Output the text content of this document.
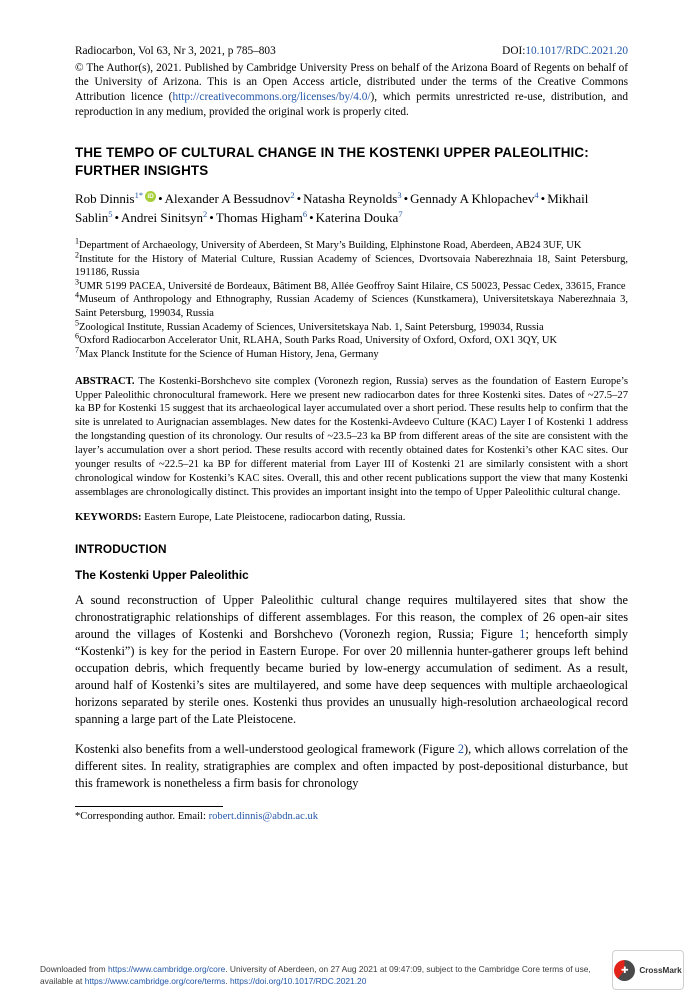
Radiocarbon, Vol 63, Nr 3, 2021, p 785–803	DOI:10.1017/RDC.2021.20

© The Author(s), 2021. Published by Cambridge University Press on behalf of the Arizona Board of Regents on behalf of the University of Arizona. This is an Open Access article, distributed under the terms of the Creative Commons Attribution licence (http://creativecommons.org/licenses/by/4.0/), which permits unrestricted re-use, distribution, and reproduction in any medium, provided the original work is properly cited.

THE TEMPO OF CULTURAL CHANGE IN THE KOSTENKI UPPER PALEOLITHIC: FURTHER INSIGHTS

Rob Dinnis$^{1*}$ iD • Alexander A Bessudnov$^2$ • Natasha Reynolds$^3$ • Gennady A Khlopachev$^4$ • Mikhail Sablin$^5$ • Andrei Sinitsyn$^2$ • Thomas Higham$^6$ • Katerina Douka$^7$

$^1$Department of Archaeology, University of Aberdeen, St Mary’s Building, Elphinstone Road, Aberdeen, AB24 3UF, UK
$^2$Institute for the History of Material Culture, Russian Academy of Sciences, Dvortsovaia Naberezhnaia 18, Saint Petersburg, 191186, Russia
$^3$UMR 5199 PACEA, Université de Bordeaux, Bâtiment B8, Allée Geoffroy Saint Hilaire, CS 50023, Pessac Cedex, 33615, France
$^4$Museum of Anthropology and Ethnography, Russian Academy of Sciences (Kunstkamera), Universitetskaya Naberezhnaia 3, Saint Petersburg, 199034, Russia
$^5$Zoological Institute, Russian Academy of Sciences, Universitetskaya Nab. 1, Saint Petersburg, 199034, Russia
$^6$Oxford Radiocarbon Accelerator Unit, RLAHA, South Parks Road, University of Oxford, Oxford, OX1 3QY, UK
$^7$Max Planck Institute for the Science of Human History, Jena, Germany

ABSTRACT. The Kostenki-Borshchevo site complex (Voronezh region, Russia) serves as the foundation of Eastern Europe’s Upper Paleolithic chronocultural framework. Here we present new radiocarbon dates for three Kostenki sites. Dates of ~27.5–27 ka BP for Kostenki 15 suggest that its archaeological layer accumulated over a short period. These results help to confirm that the site is unrelated to Aurignacian assemblages. New dates for the Kostenki-Avdeevo Culture (KAC) Layer I of Kostenki 1 address the longstanding question of its chronology. Our results of ~23.5–23 ka BP from different areas of the site are consistent with the layer’s accumulation over a short period. These results accord with recently obtained dates for Kostenki’s other KAC sites. Our younger results of ~22.5–21 ka BP for different material from Layer III of Kostenki 21 are similarly consistent with a short chronological window for Kostenki’s KAC sites. Overall, this and other recent publications support the view that many Kostenki assemblages are chronologically distinct. This provides an important insight into the tempo of Upper Paleolithic cultural change.

KEYWORDS: Eastern Europe, Late Pleistocene, radiocarbon dating, Russia.

INTRODUCTION
The Kostenki Upper Paleolithic

A sound reconstruction of Upper Paleolithic cultural change requires multilayered sites that show the chronostratigraphic relationships of different assemblages. For this reason, the complex of 26 open-air sites around the villages of Kostenki and Borshchevo (Voronezh region, Russia; Figure 1; henceforth simply “Kostenki”) is key for the period in Eastern Europe. For over 20 millennia hunter-gatherer groups left behind occupation debris, which frequently became buried by low-energy accumulation of sediment. As a result, around half of Kostenki’s sites are multilayered, and some have deep sequences with multiple archaeological horizons separated by sterile ones. Kostenki thus provides an unusually high-resolution archaeological record spanning a large part of the Late Pleistocene.

Kostenki also benefits from a well-understood geological framework (Figure 2), which allows correlation of the different sites. In reality, stratigraphies are complex and often impacted by post-depositional disturbance, but this framework is nonetheless a firm basis for chronology

*Corresponding author. Email: robert.dinnis@abdn.ac.uk
Downloaded from https://www.cambridge.org/core. University of Aberdeen, on 27 Aug 2021 at 09:47:09, subject to the Cambridge Core terms of use, available at https://www.cambridge.org/core/terms. https://doi.org/10.1017/RDC.2021.20
✚
CrossMark
